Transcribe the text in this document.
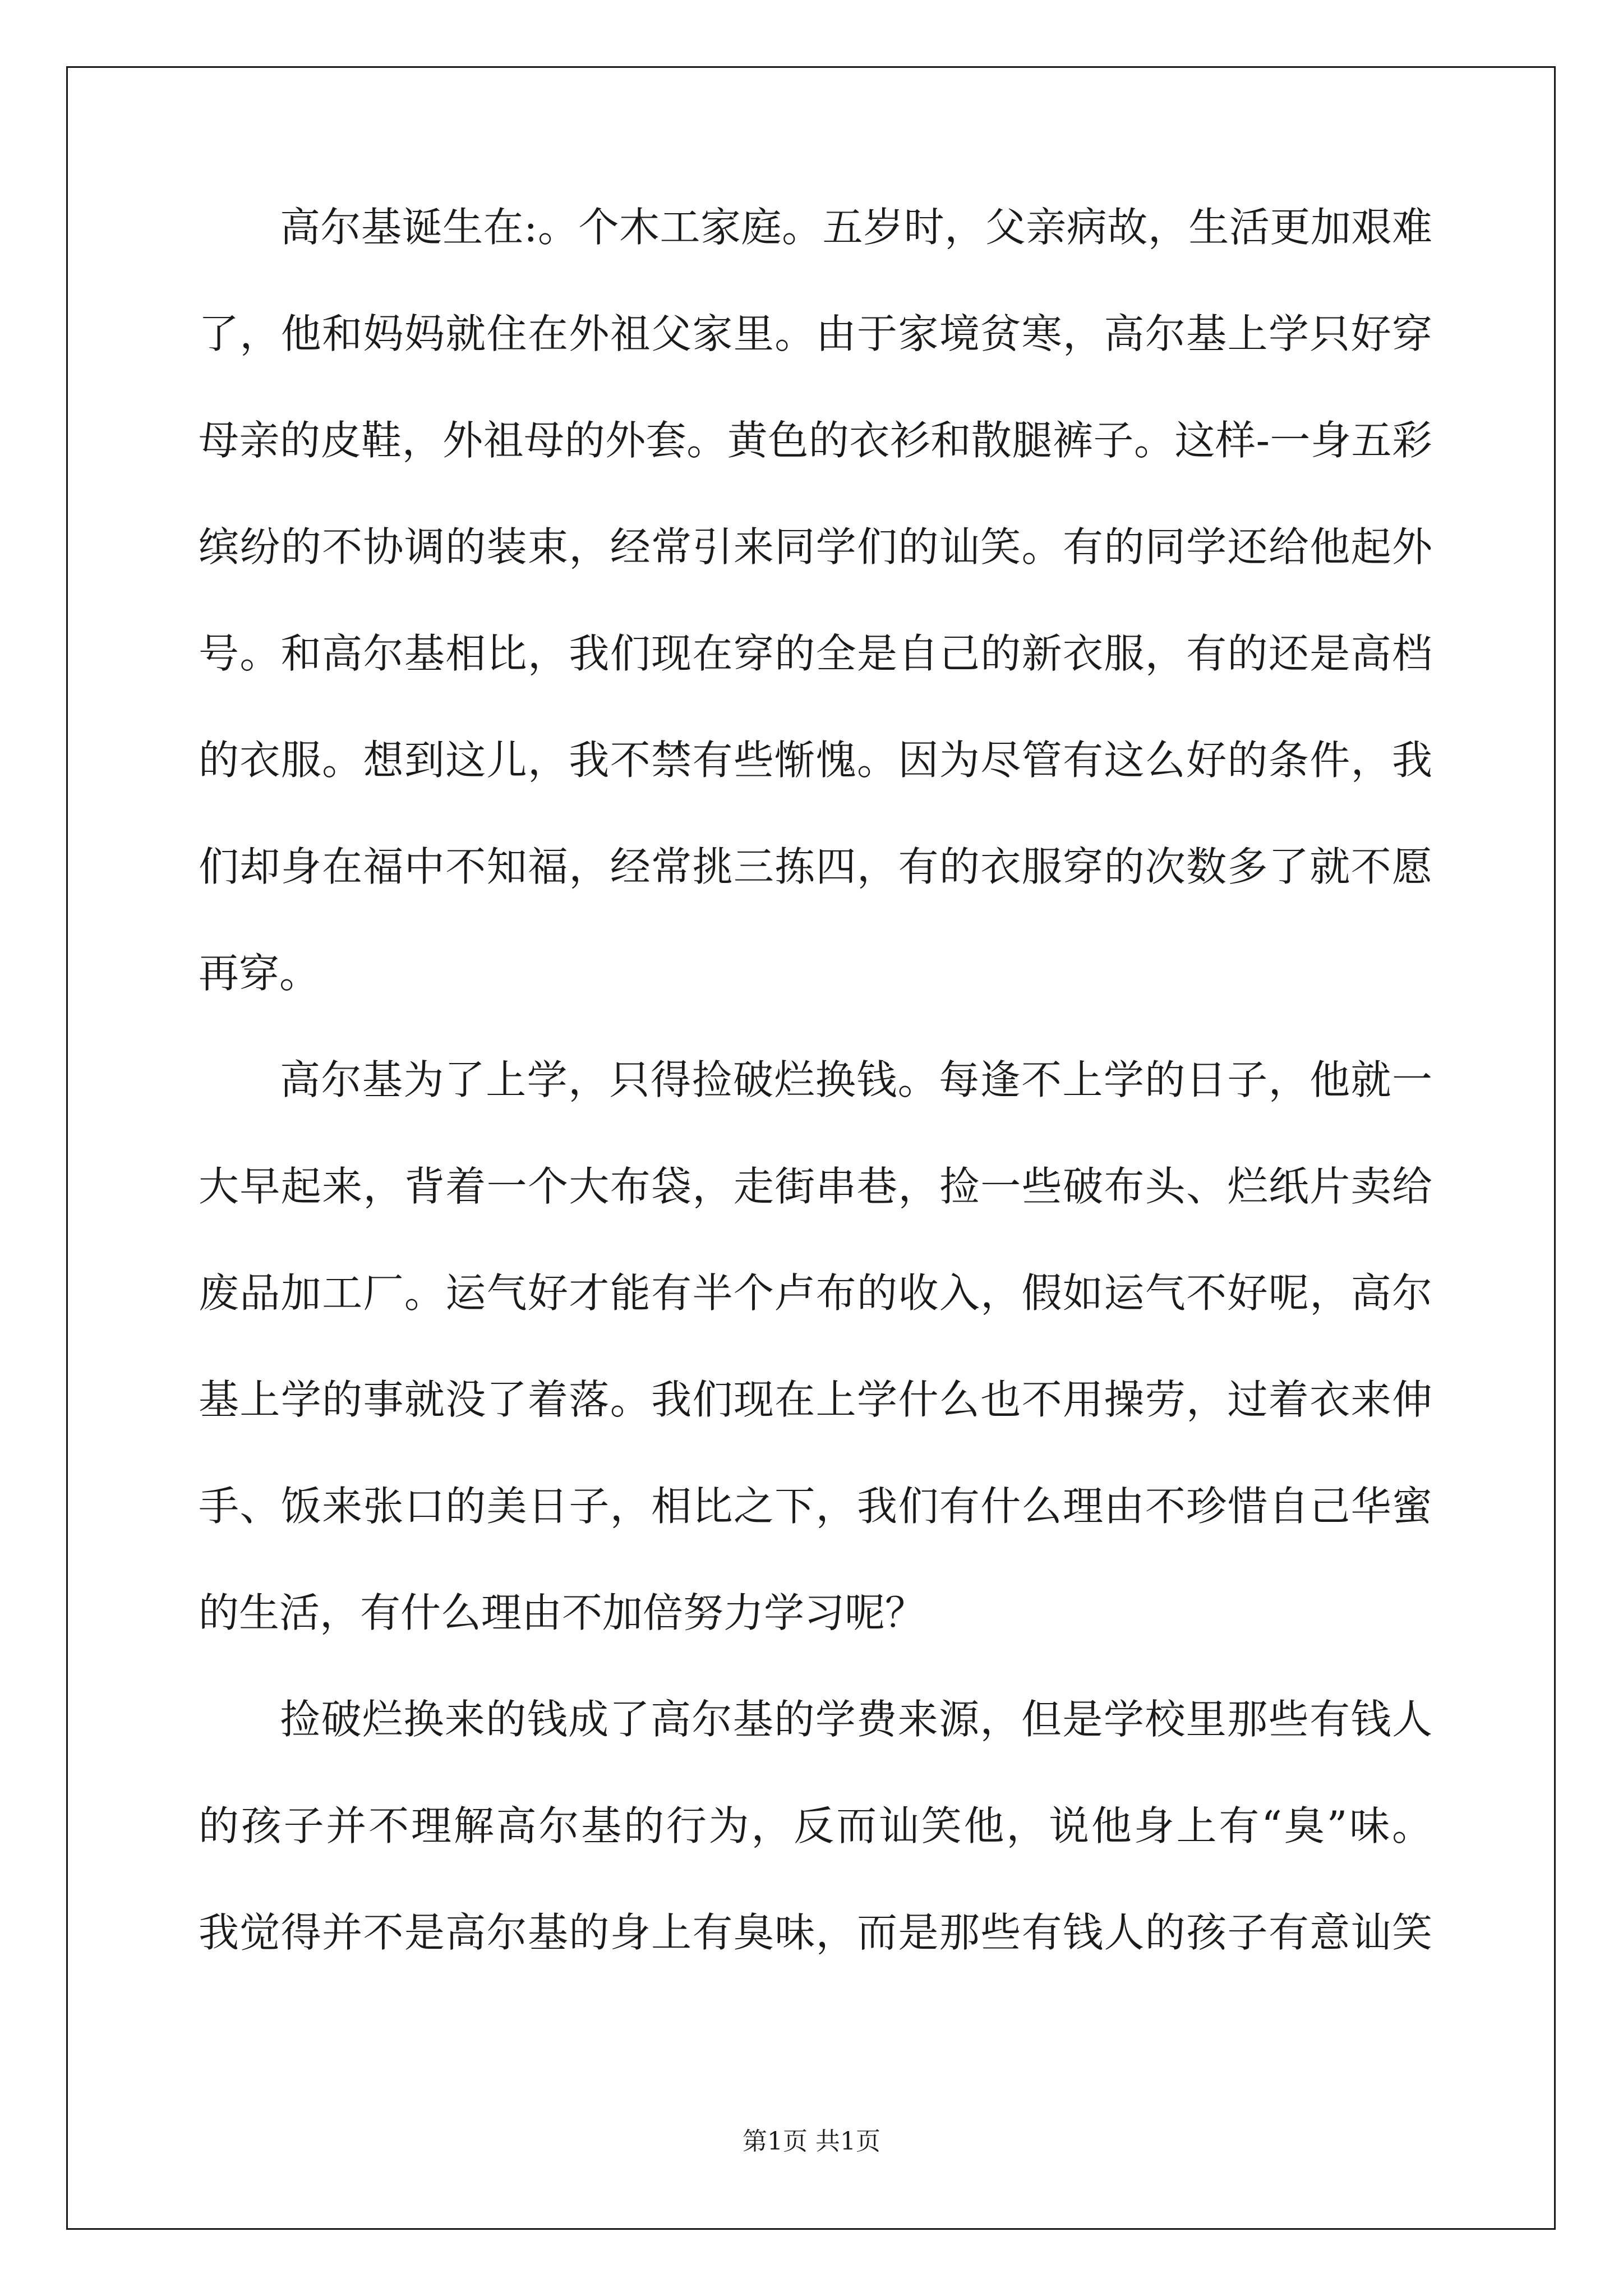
高尔基诞生在:。个木工家庭。五岁时，父亲病故，生活更加艰难
了，他和妈妈就住在外祖父家里。由于家境贫寒，高尔基上学只好穿
母亲的皮鞋，外祖母的外套。黄色的衣衫和散腿裤子。这样-一身五彩
缤纷的不协调的装束，经常引来同学们的讪笑。有的同学还给他起外
号。和高尔基相比，我们现在穿的全是自己的新衣服，有的还是高档
的衣服。想到这儿，我不禁有些惭愧。因为尽管有这么好的条件，我
们却身在福中不知福，经常挑三拣四，有的衣服穿的次数多了就不愿
再穿。
高尔基为了上学，只得捡破烂换钱。每逢不上学的日子，他就一
大早起来，背着一个大布袋，走街串巷，捡一些破布头、烂纸片卖给
废品加工厂。运气好才能有半个卢布的收入，假如运气不好呢，高尔
基上学的事就没了着落。我们现在上学什么也不用操劳，过着衣来伸
手、饭来张口的美日子，相比之下，我们有什么理由不珍惜自己华蜜
的生活，有什么理由不加倍努力学习呢？
捡破烂换来的钱成了高尔基的学费来源，但是学校里那些有钱人
的孩子并不理解高尔基的行为，反而讪笑他，说他身上有“臭”味。
我觉得并不是高尔基的身上有臭味，而是那些有钱人的孩子有意讪笑
第1页 共1页
